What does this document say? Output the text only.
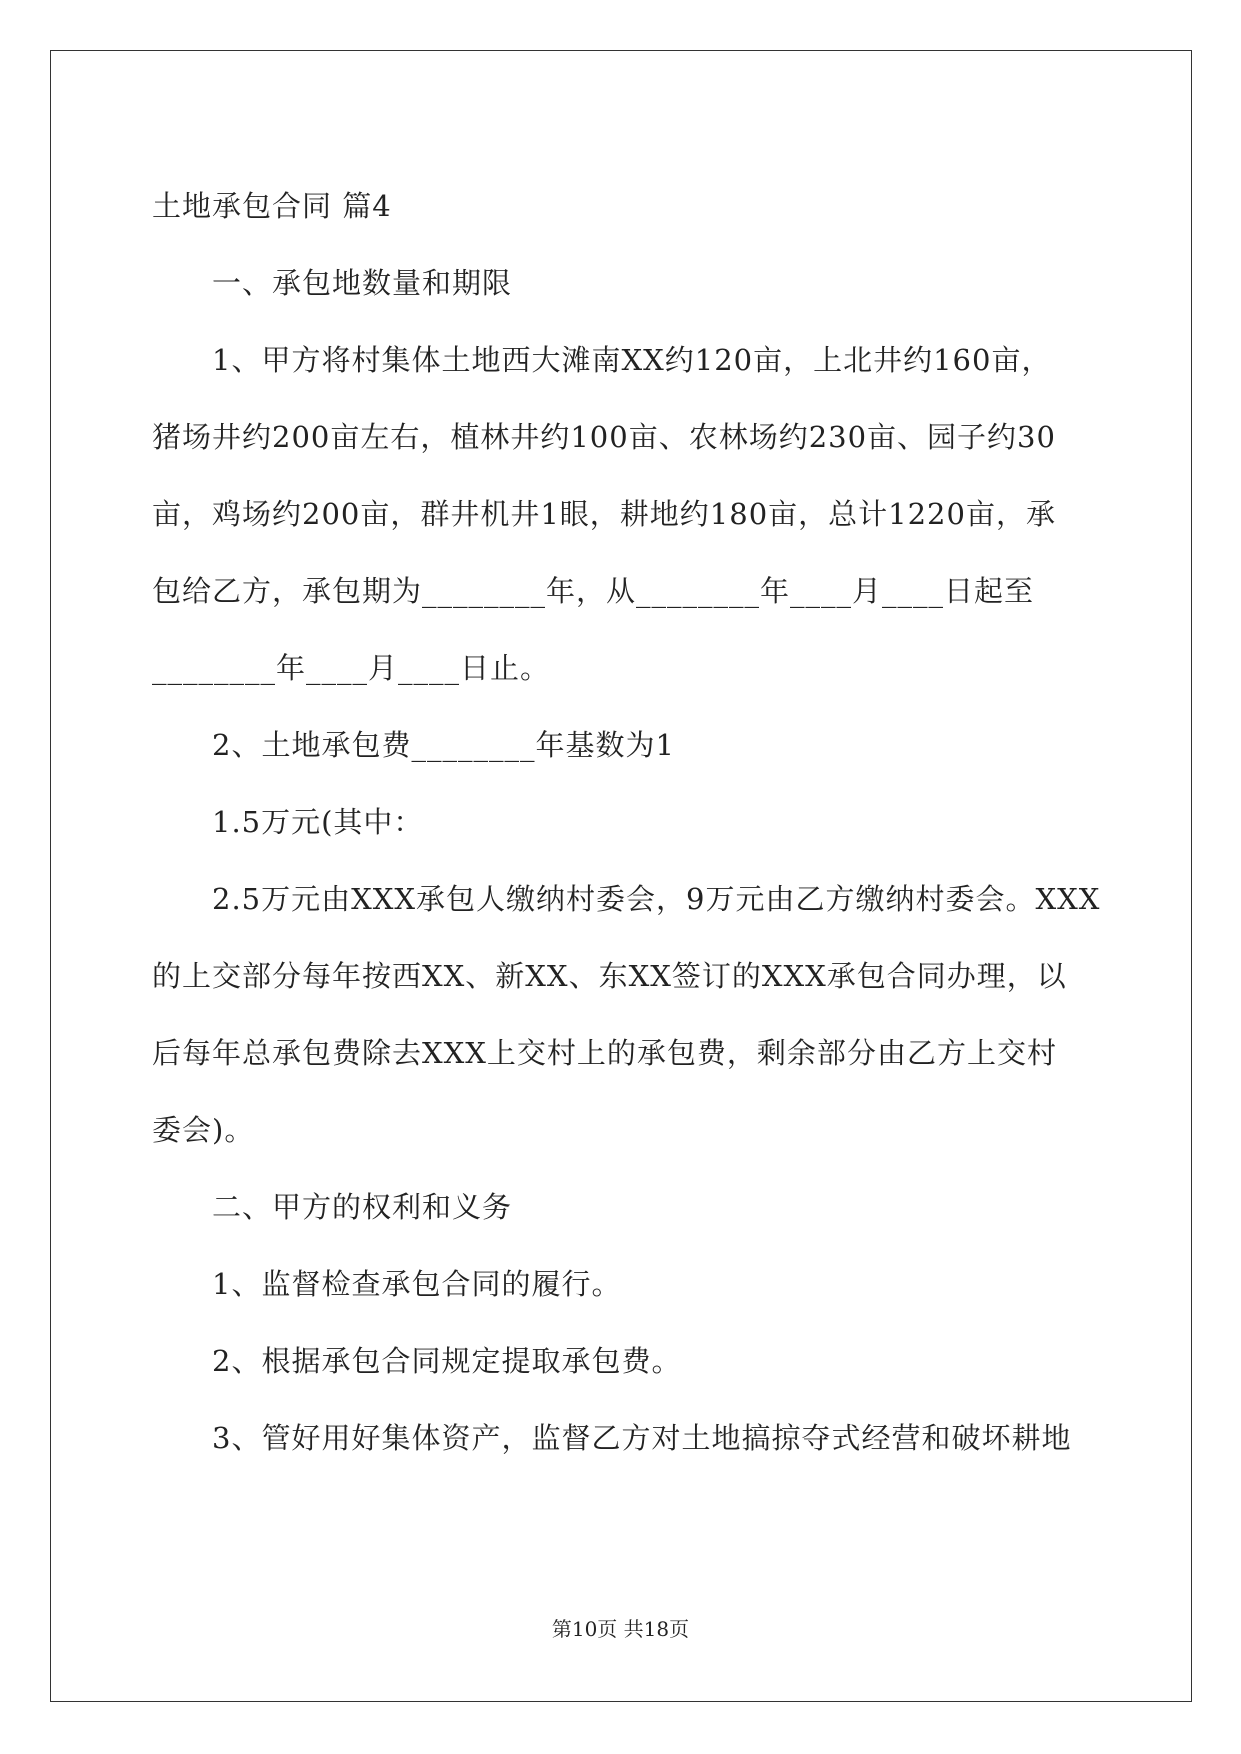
土地承包合同 篇4
一、承包地数量和期限
1、甲方将村集体土地西大滩南XX约120亩，上北井约160亩，
猪场井约200亩左右，植林井约100亩、农林场约230亩、园子约30
亩，鸡场约200亩，群井机井1眼，耕地约180亩，总计1220亩，承
包给乙方，承包期为________年，从________年____月____日起至
________年____月____日止。
2、土地承包费________年基数为1
1.5万元(其中：
2.5万元由XXX承包人缴纳村委会，9万元由乙方缴纳村委会。XXX
的上交部分每年按西XX、新XX、东XX签订的XXX承包合同办理，以
后每年总承包费除去XXX上交村上的承包费，剩余部分由乙方上交村
委会)。
二、甲方的权利和义务
1、监督检查承包合同的履行。
2、根据承包合同规定提取承包费。
3、管好用好集体资产，监督乙方对土地搞掠夺式经营和破坏耕地
第10页 共18页
